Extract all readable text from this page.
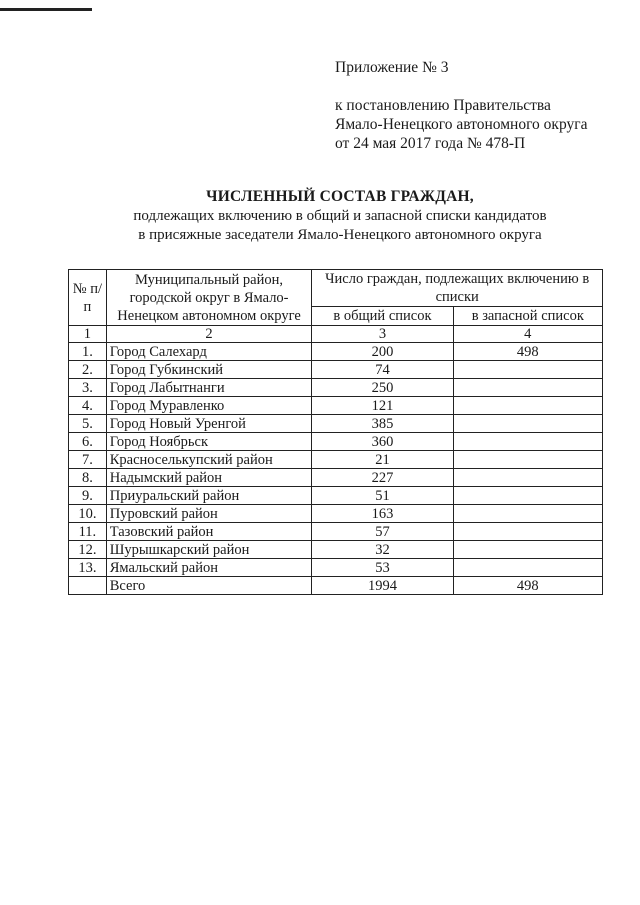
Приложение № 3
к постановлению Правительства
Ямало-Ненецкого автономного округа
от 24 мая 2017 года № 478-П
ЧИСЛЕННЫЙ СОСТАВ ГРАЖДАН,
подлежащих включению в общий и запасной списки кандидатов
в присяжные заседатели Ямало-Ненецкого автономного округа
№ п/п	Муниципальный район, городской округ в Ямало-Ненецком автономном округе	Число граждан, подлежащих включению в списки	
		в общий список	в запасной список
1	2	3	4
1.	Город Салехард	200	498
2.	Город Губкинский	74	
3.	Город Лабытнанги	250	
4.	Город Муравленко	121	
5.	Город Новый Уренгой	385	
6.	Город Ноябрьск	360	
7.	Красноселькупский район	21	
8.	Надымский район	227	
9.	Приуральский район	51	
10.	Пуровский район	163	
11.	Тазовский район	57	
12.	Шурышкарский район	32	
13.	Ямальский район	53	
	Всего	1994	498
